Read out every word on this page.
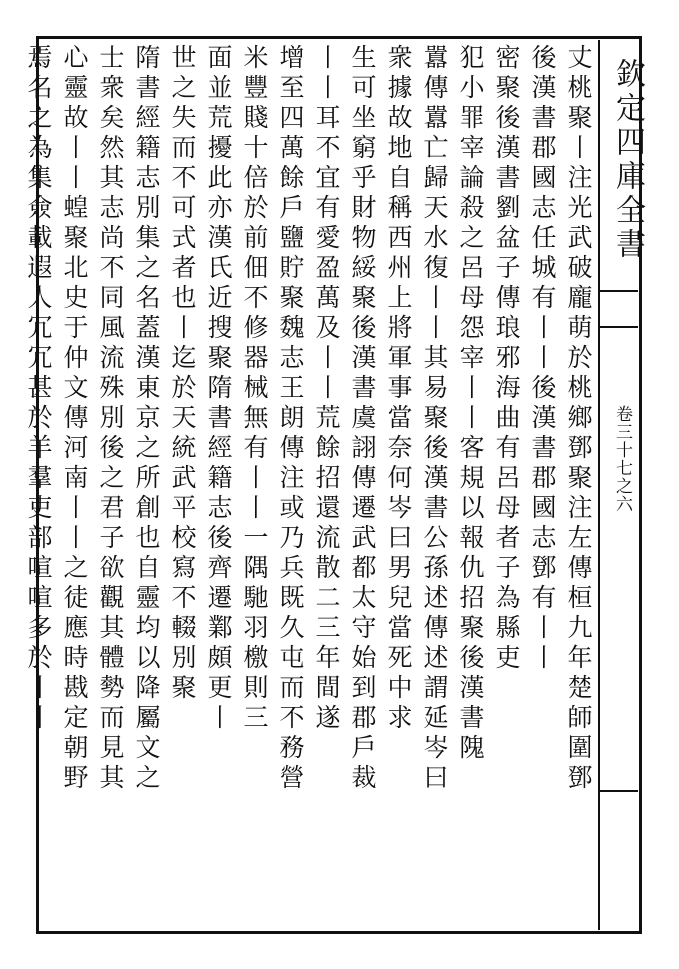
欽定四庫全書
卷三十七之六
丈桃聚丨注光武破龐萌於桃鄉鄧聚注左傳桓九年楚師圍鄧
後漢書郡國志任城有丨丨後漢書郡國志鄧有丨丨
密聚後漢書劉盆子傳琅邪海曲有呂母者子為縣吏
犯小罪宰論殺之呂母怨宰丨丨客規以報仇招聚後漢書隗
囂傳囂亡歸天水復丨丨其易聚後漢書公孫述傳述謂延岑曰
衆據故地自稱西州上將軍事當奈何岑曰男兒當死中求
生可坐窮乎財物綏聚後漢書虞詡傳遷武都太守始到郡戶裁
丨丨耳不宜有愛盈萬及丨丨荒餘招還流散二三年間遂
增至四萬餘戶鹽貯聚魏志王朗傳注或乃兵既久屯而不務營
米豐賤十倍於前佃不修器械無有丨丨一隅馳羽檄則三
面並荒擾此亦漢氏近搜聚隋書經籍志後齊遷鄴頗更丨
世之失而不可式者也丨迄於天統武平校寫不輟別聚
隋書經籍志別集之名蓋漢東京之所創也自靈均以降屬文之
士衆矣然其志尚不同風流殊別後之君子欲觀其體勢而見其
心靈故丨丨蝗聚北史于仲文傳河南丨丨之徒應時戡定朝野
焉名之為集僉載遐人冗冗甚於羊羣吏部喧喧多於丨丨
